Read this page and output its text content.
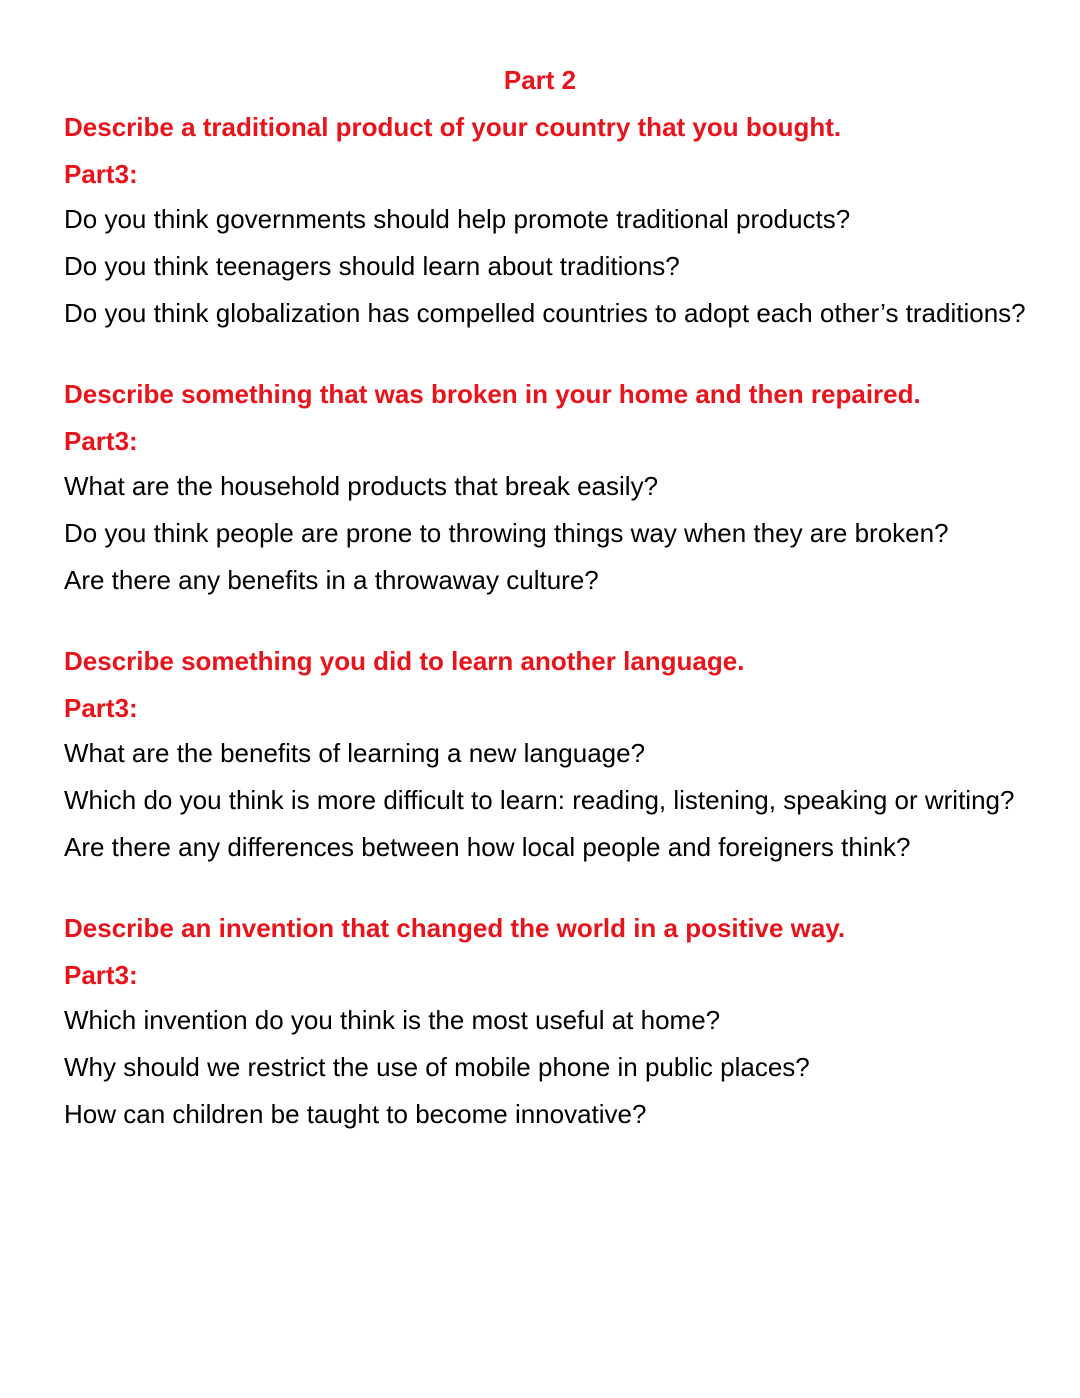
Part 2
Describe a traditional product of your country that you bought.
Part3:
Do you think governments should help promote traditional products?
Do you think teenagers should learn about traditions?
Do you think globalization has compelled countries to adopt each other’s traditions?
Describe something that was broken in your home and then repaired.
Part3:
What are the household products that break easily?
Do you think people are prone to throwing things way when they are broken?
Are there any benefits in a throwaway culture?
Describe something you did to learn another language.
Part3:
What are the benefits of learning a new language?
Which do you think is more difficult to learn: reading, listening, speaking or writing?
Are there any differences between how local people and foreigners think?
Describe an invention that changed the world in a positive way.
Part3:
Which invention do you think is the most useful at home?
Why should we restrict the use of mobile phone in public places?
How can children be taught to become innovative?
